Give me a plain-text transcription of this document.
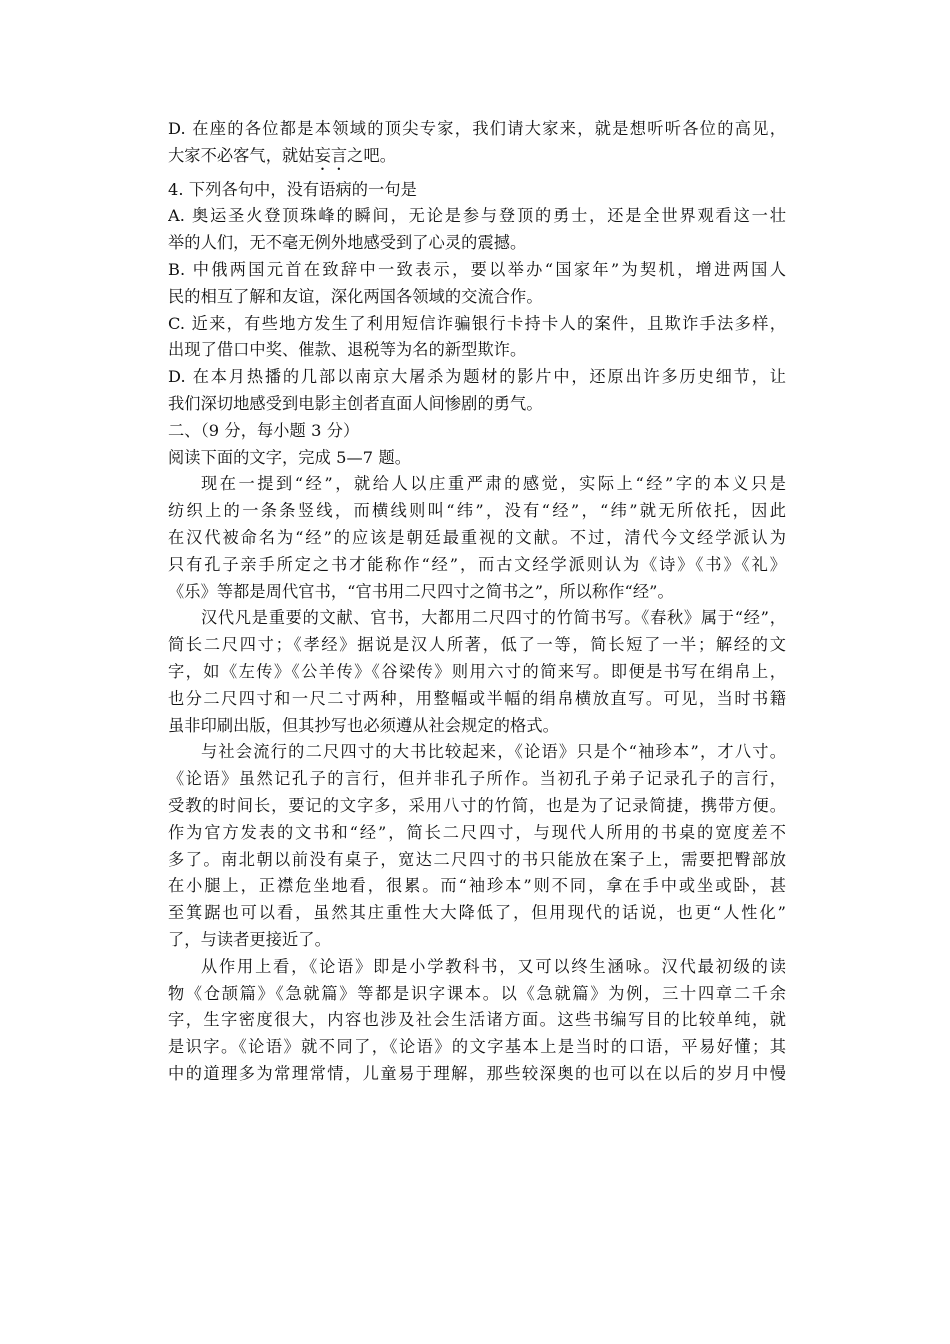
D. 在座的各位都是本领域的顶尖专家，我们请大家来，就是想听听各位的高见，
大家不必客气，就姑妄言之吧。
4. 下列各句中，没有语病的一句是
A. 奥运圣火登顶珠峰的瞬间，无论是参与登顶的勇士，还是全世界观看这一壮
举的人们，无不毫无例外地感受到了心灵的震撼。
B. 中俄两国元首在致辞中一致表示，要以举办“国家年”为契机，增进两国人
民的相互了解和友谊，深化两国各领域的交流合作。
C. 近来，有些地方发生了利用短信诈骗银行卡持卡人的案件，且欺诈手法多样，
出现了借口中奖、催款、退税等为名的新型欺诈。
D. 在本月热播的几部以南京大屠杀为题材的影片中，还原出许多历史细节，让
我们深切地感受到电影主创者直面人间惨剧的勇气。
二、（9 分，每小题 3 分）
阅读下面的文字，完成 5—7 题。
现在一提到“经”，就给人以庄重严肃的感觉，实际上“经”字的本义只是
纺织上的一条条竖线，而横线则叫“纬”，没有“经”，“纬”就无所依托，因此
在汉代被命名为“经”的应该是朝廷最重视的文献。不过，清代今文经学派认为
只有孔子亲手所定之书才能称作“经”，而古文经学派则认为《诗》《书》《礼》
《乐》等都是周代官书，“官书用二尺四寸之简书之”，所以称作“经”。
汉代凡是重要的文献、官书，大都用二尺四寸的竹简书写。《春秋》属于“经”，
简长二尺四寸；《孝经》据说是汉人所著，低了一等，简长短了一半；解经的文
字，如《左传》《公羊传》《谷梁传》则用六寸的简来写。即便是书写在绢帛上，
也分二尺四寸和一尺二寸两种，用整幅或半幅的绢帛横放直写。可见，当时书籍
虽非印刷出版，但其抄写也必须遵从社会规定的格式。
与社会流行的二尺四寸的大书比较起来，《论语》只是个“袖珍本”，才八寸。
《论语》虽然记孔子的言行，但并非孔子所作。当初孔子弟子记录孔子的言行，
受教的时间长，要记的文字多，采用八寸的竹简，也是为了记录简捷，携带方便。
作为官方发表的文书和“经”，简长二尺四寸，与现代人所用的书桌的宽度差不
多了。南北朝以前没有桌子，宽达二尺四寸的书只能放在案子上，需要把臀部放
在小腿上，正襟危坐地看，很累。而“袖珍本”则不同，拿在手中或坐或卧，甚
至箕踞也可以看，虽然其庄重性大大降低了，但用现代的话说，也更“人性化”
了，与读者更接近了。
从作用上看，《论语》即是小学教科书，又可以终生涵咏。汉代最初级的读
物《仓颉篇》《急就篇》等都是识字课本。以《急就篇》为例，三十四章二千余
字，生字密度很大，内容也涉及社会生活诸方面。这些书编写目的比较单纯，就
是识字。《论语》就不同了，《论语》的文字基本上是当时的口语，平易好懂；其
中的道理多为常理常情，儿童易于理解，那些较深奥的也可以在以后的岁月中慢
